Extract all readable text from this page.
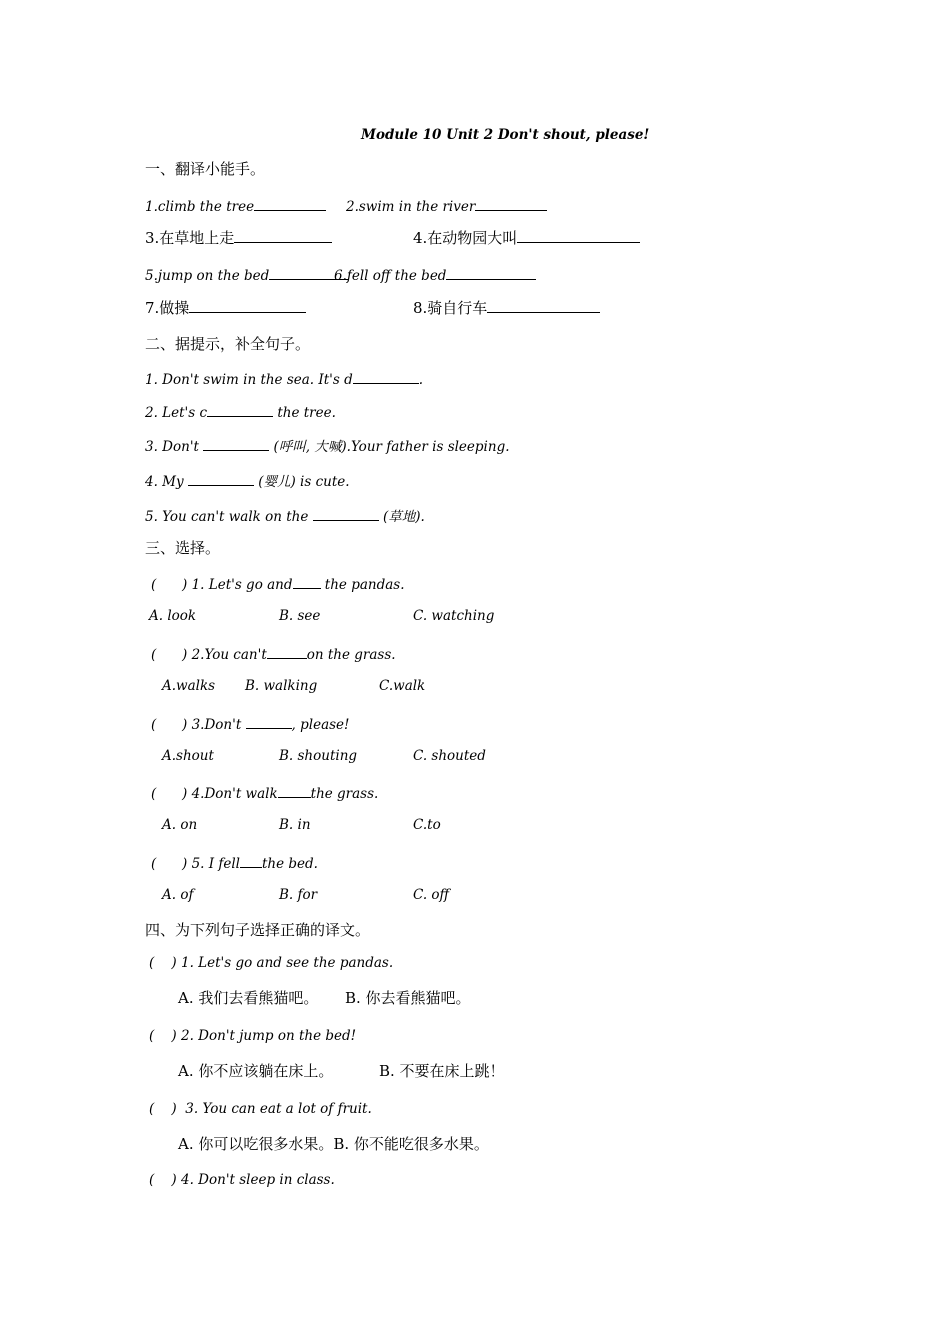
Module 10 Unit 2 Don't shout, please!
一、翻译小能手。
1.climb the tree	2.swim in the river
3.在草地上走	4.在动物园大叫
5.jump on the bed	6.fell off the bed
7.做操	8.骑自行车
二、据提示，补全句子。
1. Don't swim in the sea. It's d	.
2. Let's c	the tree.
3. Don't	(呼叫, 大喊).Your father is sleeping.
4. My	(婴儿) is cute.
5. You can't walk on the	(草地).
三、选择。
(      ) 1. Let's go and the pandas.
A. look	B. see	C. watching
(      ) 2.You can't	on the grass.
A.walks B. walking	C.walk
(      ) 3.Don't	, please!
A.shout	B. shouting	C. shouted
(      ) 4.Don't walk the grass.
A. on	B. in	C.to
(      ) 5. I fell the bed.
A. of	B. for	C. off
四、为下列句子选择正确的译文。
(    ) 1. Let's go and see the pandas.
A. 我们去看熊猫吧。 B. 你去看熊猫吧。
(    ) 2. Don't jump on the bed!
A. 你不应该躺在床上。	B. 不要在床上跳！
(    ) 3. You can eat a lot of fruit.
A. 你可以吃很多水果。B. 你不能吃很多水果。
(    ) 4. Don't sleep in class.
